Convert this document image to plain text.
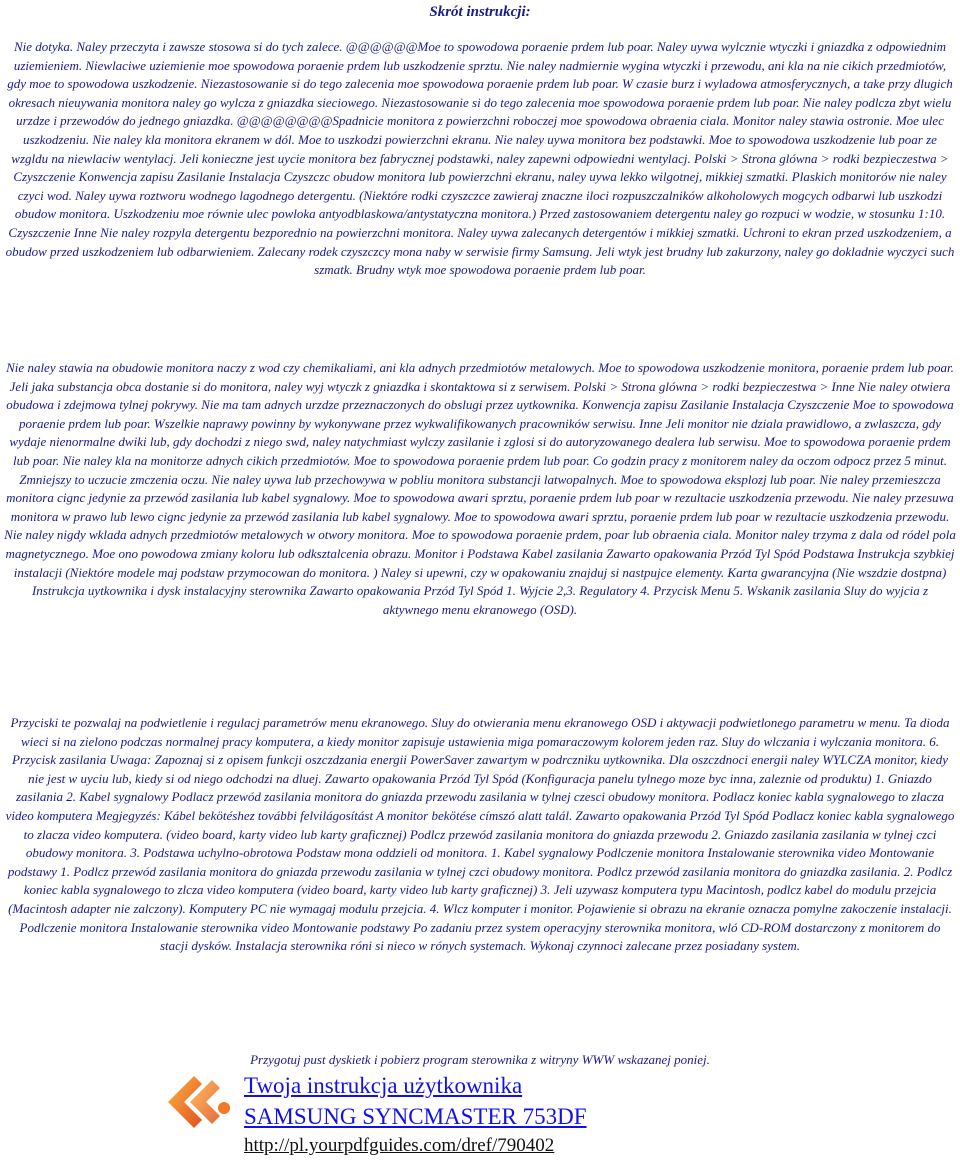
Skrót instrukcji:

Nie dotyka. Naley przeczyta i zawsze stosowa si do tych zalece. @@@@@@Moe to spowodowa poraenie prdem lub poar. Naley uywa wylcznie wtyczki i gniazdka z odpowiednim uziemieniem. Niewlaciwe uziemienie moe spowodowa poraenie prdem lub uszkodzenie sprztu. Nie naley nadmiernie wygina wtyczki i przewodu, ani kla na nie cikich przedmiotów, gdy moe to spowodowa uszkodzenie. Niezastosowanie si do tego zalecenia moe spowodowa poraenie prdem lub poar. W czasie burz i wyladowa atmosferycznych, a take przy dlugich okresach nieuywania monitora naley go wylcza z gniazdka sieciowego. Niezastosowanie si do tego zalecenia moe spowodowa poraenie prdem lub poar. Nie naley podlcza zbyt wielu urzdze i przewodów do jednego gniazdka. @@@@@@@@Spadnicie monitora z powierzchni roboczej moe spowodowa obraenia ciala. Monitor naley stawia ostronie. Moe ulec uszkodzeniu. Nie naley kla monitora ekranem w dól. Moe to uszkodzi powierzchni ekranu. Nie naley uywa monitora bez podstawki. Moe to spowodowa uszkodzenie lub poar ze wzgldu na niewlaciw wentylacj. Jeli konieczne jest uycie monitora bez fabrycznej podstawki, naley zapewni odpowiedni wentylacj. Polski > Strona glówna > rodki bezpieczestwa > Czyszczenie Konwencja zapisu Zasilanie Instalacja Czyszczc obudow monitora lub powierzchni ekranu, naley uywa lekko wilgotnej, mikkiej szmatki. Plaskich monitorów nie naley czyci wod. Naley uywa roztworu wodnego lagodnego detergentu. (Niektóre rodki czyszczce zawieraj znaczne iloci rozpuszczalników alkoholowych mogcych odbarwi lub uszkodzi obudow monitora. Uszkodzeniu moe równie ulec powloka antyodblaskowa/antystatyczna monitora.) Przed zastosowaniem detergentu naley go rozpuci w wodzie, w stosunku 1:10. Czyszczenie Inne Nie naley rozpyla detergentu bezporednio na powierzchni monitora. Naley uywa zalecanych detergentów i mikkiej szmatki. Uchroni to ekran przed uszkodzeniem, a obudow przed uszkodzeniem lub odbarwieniem. Zalecany rodek czyszczcy mona naby w serwisie firmy Samsung. Jeli wtyk jest brudny lub zakurzony, naley go dokladnie wyczyci such szmatk. Brudny wtyk moe spowodowa poraenie prdem lub poar.

Nie naley stawia na obudowie monitora naczy z wod czy chemikaliami, ani kla adnych przedmiotów metalowych. Moe to spowodowa uszkodzenie monitora, poraenie prdem lub poar. Jeli jaka substancja obca dostanie si do monitora, naley wyj wtyczk z gniazdka i skontaktowa si z serwisem. Polski > Strona glówna > rodki bezpieczestwa > Inne Nie naley otwiera obudowa i zdejmowa tylnej pokrywy. Nie ma tam adnych urzdze przeznaczonych do obslugi przez uytkownika. Konwencja zapisu Zasilanie Instalacja Czyszczenie Moe to spowodowa poraenie prdem lub poar. Wszelkie naprawy powinny by wykonywane przez wykwalifikowanych pracowników serwisu. Inne Jeli monitor nie dziala prawidlowo, a zwlaszcza, gdy wydaje nienormalne dwiki lub, gdy dochodzi z niego swd, naley natychmiast wylczy zasilanie i zglosi si do autoryzowanego dealera lub serwisu. Moe to spowodowa poraenie prdem lub poar. Nie naley kla na monitorze adnych cikich przedmiotów. Moe to spowodowa poraenie prdem lub poar. Co godzin pracy z monitorem naley da oczom odpocz przez 5 minut. Zmniejszy to uczucie zmczenia oczu. Nie naley uywa lub przechowywa w pobliu monitora substancji latwopalnych. Moe to spowodowa eksplozj lub poar. Nie naley przemieszcza monitora cignc jedynie za przewód zasilania lub kabel sygnalowy. Moe to spowodowa awari sprztu, poraenie prdem lub poar w rezultacie uszkodzenia przewodu. Nie naley przesuwa monitora w prawo lub lewo cignc jedynie za przewód zasilania lub kabel sygnalowy. Moe to spowodowa awari sprztu, poraenie prdem lub poar w rezultacie uszkodzenia przewodu. Nie naley nigdy wklada adnych przedmiotów metalowych w otwory monitora. Moe to spowodowa poraenie prdem, poar lub obraenia ciala. Monitor naley trzyma z dala od ródel pola magnetycznego. Moe ono powodowa zmiany koloru lub odksztalcenia obrazu. Monitor i Podstawa Kabel zasilania Zawarto opakowania Przód Tyl Spód Podstawa Instrukcja szybkiej instalacji (Niektóre modele maj podstaw przymocowan do monitora. ) Naley si upewni, czy w opakowaniu znajduj si nastpujce elementy. Karta gwarancyjna (Nie wszdzie dostpna) Instrukcja uytkownika i dysk instalacyjny sterownika Zawarto opakowania Przód Tyl Spód 1. Wyjcie 2,3. Regulatory 4. Przycisk Menu 5. Wskanik zasilania Sluy do wyjcia z aktywnego menu ekranowego (OSD).

Przyciski te pozwalaj na podwietlenie i regulacj parametrów menu ekranowego. Sluy do otwierania menu ekranowego OSD i aktywacji podwietlonego parametru w menu. Ta dioda wieci si na zielono podczas normalnej pracy komputera, a kiedy monitor zapisuje ustawienia miga pomaraczowym kolorem jeden raz. Sluy do wlczania i wylczania monitora. 6. Przycisk zasilania Uwaga: Zapoznaj si z opisem funkcji oszczdzania energii PowerSaver zawartym w podrczniku uytkownika. Dla oszczdnoci energii naley WYLCZA monitor, kiedy nie jest w uyciu lub, kiedy si od niego odchodzi na dluej. Zawarto opakowania Przód Tyl Spód (Konfiguracja panelu tylnego moze byc inna, zaleznie od produktu) 1. Gniazdo zasilania 2. Kabel sygnalowy Podlacz przewód zasilania monitora do gniazda przewodu zasilania w tylnej czesci obudowy monitora. Podlacz koniec kabla sygnalowego to zlacza video komputera Megjegyzés: Kábel bekötéshez további felvilágosítást A monitor bekötése címszó alatt talál. Zawarto opakowania Przód Tyl Spód Podlacz koniec kabla sygnalowego to zlacza video komputera. (video board, karty video lub karty graficznej) Podlcz przewód zasilania monitora do gniazda przewodu 2. Gniazdo zasilania zasilania w tylnej czci obudowy monitora. 3. Podstawa uchylno-obrotowa Podstaw mona oddzieli od monitora. 1. Kabel sygnalowy Podlczenie monitora Instalowanie sterownika video Montowanie podstawy 1. Podlcz przewód zasilania monitora do gniazda przewodu zasilania w tylnej czci obudowy monitora. Podlcz przewód zasilania monitora do gniazdka zasilania. 2. Podlcz koniec kabla sygnalowego to zlcza video komputera (video board, karty video lub karty graficznej) 3. Jeli uzywasz komputera typu Macintosh, podlcz kabel do modulu przejcia (Macintosh adapter nie zalczony). Komputery PC nie wymagaj modulu przejcia. 4. Wlcz komputer i monitor. Pojawienie si obrazu na ekranie oznacza pomylne zakoczenie instalacji. Podlczenie monitora Instalowanie sterownika video Montowanie podstawy Po zadaniu przez system operacyjny sterownika monitora, wló CD-ROM dostarczony z monitorem do stacji dysków. Instalacja sterownika róni si nieco w rónych systemach. Wykonaj czynnoci zalecane przez posiadany system.

Przygotuj pust dyskietk i pobierz program sterownika z witryny WWW wskazanej poniej.

Twoja instrukcja użytkownika
SAMSUNG SYNCMASTER 753DF
http://pl.yourpdfguides.com/dref/790402
